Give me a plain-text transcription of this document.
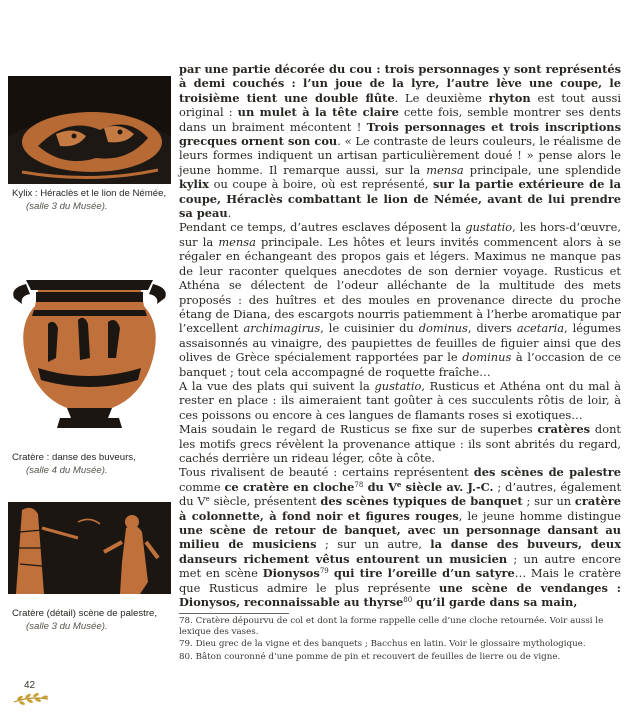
Kylix : Héraclès et le lion de Némée,
(salle 3 du Musée).
Cratère : danse des buveurs,
(salle 4 du Musée).
Cratère (détail) scène de palestre,
(salle 3 du Musée).

par une partie décorée du cou : trois personnages y sont représentés à demi couchés : l’un joue de la lyre, l’autre lève une coupe, le troisième tient une double flûte. Le deuxième rhyton est tout aussi original : un mulet à la tête claire cette fois, semble montrer ses dents dans un braiment mécontent ! Trois personnages et trois inscriptions grecques ornent son cou. « Le contraste de leurs couleurs, le réalisme de leurs formes indiquent un artisan particulièrement doué ! » pense alors le jeune homme. Il remarque aussi, sur la mensa principale, une splendide kylix ou coupe à boire, où est représenté, sur la partie extérieure de la coupe, Héraclès combattant le lion de Némée, avant de lui prendre sa peau.

Pendant ce temps, d’autres esclaves déposent la gustatio, les hors-d’œuvre, sur la mensa principale. Les hôtes et leurs invités commencent alors à se régaler en échangeant des propos gais et légers. Maximus ne manque pas de leur raconter quelques anecdotes de son dernier voyage. Rusticus et Athéna se délectent de l’odeur alléchante de la multitude des mets proposés : des huîtres et des moules en provenance directe du proche étang de Diana, des escargots nourris patiemment à l’herbe aromatique par l’excellent archimagirus, le cuisinier du dominus, divers acetaria, légumes assaisonnés au vinaigre, des paupiettes de feuilles de figuier ainsi que des olives de Grèce spécialement rapportées par le dominus à l’occasion de ce banquet ; tout cela accompagné de roquette fraîche…

A la vue des plats qui suivent la gustatio, Rusticus et Athéna ont du mal à rester en place : ils aimeraient tant goûter à ces succulents rôtis de loir, à ces poissons ou encore à ces langues de flamants roses si exotiques…

Mais soudain le regard de Rusticus se fixe sur de superbes cratères dont les motifs grecs révèlent la provenance attique : ils sont abrités du regard, cachés derrière un rideau léger, côte à côte.

Tous rivalisent de beauté : certains représentent des scènes de palestre comme ce cratère en cloche$^{78}$ du Ve siècle av. J.-C. ; d’autres, également du Ve siècle, présentent des scènes typiques de banquet ; sur un cratère à colonnette, à fond noir et figures rouges, le jeune homme distingue une scène de retour de banquet, avec un personnage dansant au milieu de musiciens ; sur un autre, la danse des buveurs, deux danseurs richement vêtus entourent un musicien ; un autre encore met en scène Dionysos$^{79}$ qui tire l’oreille d’un satyre… Mais le cratère que Rusticus admire le plus représente une scène de vendanges : Dionysos, reconnaissable au thyrse$^{80}$ qu’il garde dans sa main,

78. Cratère dépourvu de col et dont la forme rappelle celle d’une cloche retournée. Voir aussi le lexique des vases.

79. Dieu grec de la vigne et des banquets ; Bacchus en latin. Voir le glossaire mythologique.

80. Bâton couronné d’une pomme de pin et recouvert de feuilles de lierre ou de vigne.

42
